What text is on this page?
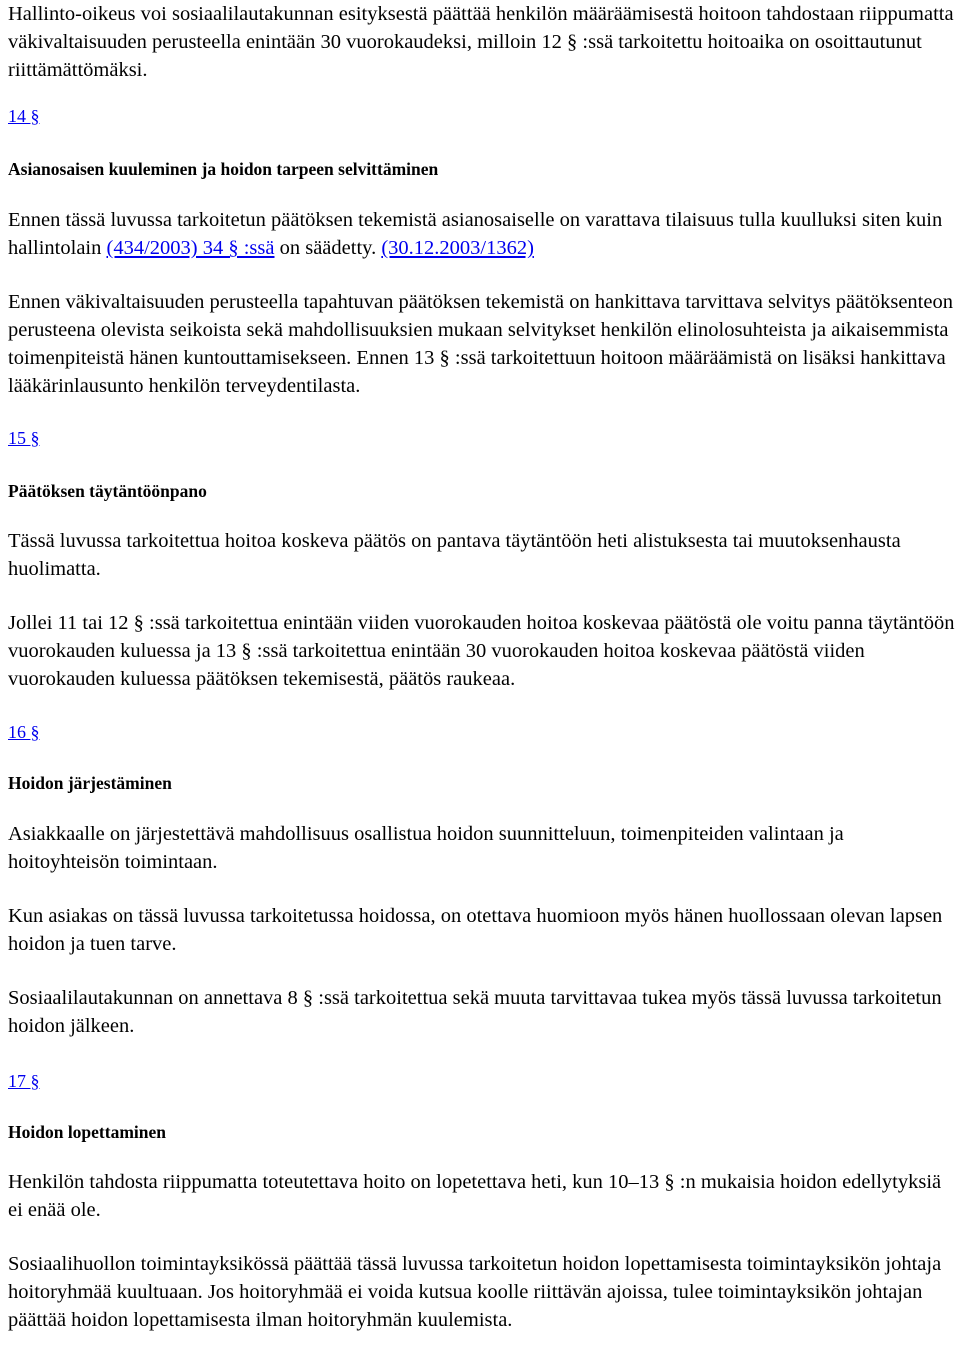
Hallinto-oikeus voi sosiaalilautakunnan esityksestä päättää henkilön määräämisestä hoitoon tahdostaan riippumatta väkivaltaisuuden perusteella enintään 30 vuorokaudeksi, milloin 12 § :ssä tarkoitettu hoitoaika on osoittautunut riittämättömäksi.

14 §

Asianosaisen kuuleminen ja hoidon tarpeen selvittäminen

Ennen tässä luvussa tarkoitetun päätöksen tekemistä asianosaiselle on varattava tilaisuus tulla kuulluksi siten kuin hallintolain (434/2003) 34 § :ssä on säädetty. (30.12.2003/1362)

Ennen väkivaltaisuuden perusteella tapahtuvan päätöksen tekemistä on hankittava tarvittava selvitys päätöksenteon perusteena olevista seikoista sekä mahdollisuuksien mukaan selvitykset henkilön elinolosuhteista ja aikaisemmista toimenpiteistä hänen kuntouttamisekseen. Ennen 13 § :ssä tarkoitettuun hoitoon määräämistä on lisäksi hankittava lääkärinlausunto henkilön terveydentilasta.

15 §

Päätöksen täytäntöönpano

Tässä luvussa tarkoitettua hoitoa koskeva päätös on pantava täytäntöön heti alistuksesta tai muutoksenhausta huolimatta.

Jollei 11 tai 12 § :ssä tarkoitettua enintään viiden vuorokauden hoitoa koskevaa päätöstä ole voitu panna täytäntöön vuorokauden kuluessa ja 13 § :ssä tarkoitettua enintään 30 vuorokauden hoitoa koskevaa päätöstä viiden vuorokauden kuluessa päätöksen tekemisestä, päätös raukeaa.

16 §

Hoidon järjestäminen

Asiakkaalle on järjestettävä mahdollisuus osallistua hoidon suunnitteluun, toimenpiteiden valintaan ja hoitoyhteisön toimintaan.

Kun asiakas on tässä luvussa tarkoitetussa hoidossa, on otettava huomioon myös hänen huollossaan olevan lapsen hoidon ja tuen tarve.

Sosiaalilautakunnan on annettava 8 § :ssä tarkoitettua sekä muuta tarvittavaa tukea myös tässä luvussa tarkoitetun hoidon jälkeen.

17 §

Hoidon lopettaminen

Henkilön tahdosta riippumatta toteutettava hoito on lopetettava heti, kun 10–13 § :n mukaisia hoidon edellytyksiä ei enää ole.

Sosiaalihuollon toimintayksikössä päättää tässä luvussa tarkoitetun hoidon lopettamisesta toimintayksikön johtaja hoitoryhmää kuultuaan. Jos hoitoryhmää ei voida kutsua koolle riittävän ajoissa, tulee toimintayksikön johtajan päättää hoidon lopettamisesta ilman hoitoryhmän kuulemista.
